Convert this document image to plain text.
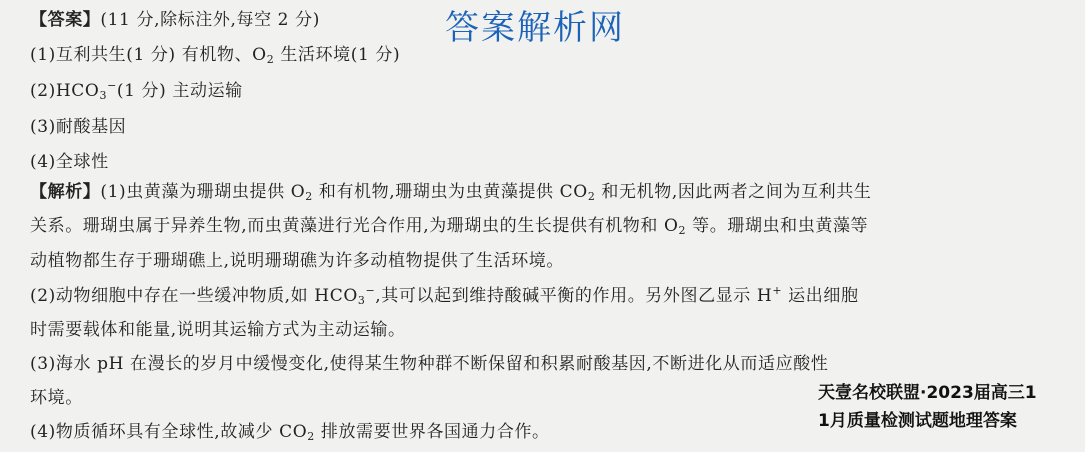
答案解析网
【答案】(11 分,除标注外,每空 2 分)
(1)互利共生(1 分) 有机物、$O_2$ 生活环境(1 分)
$(2)HCO_3^-(1$ 分) 主动运输
(3)耐酸基因
(4)全球性
【解析】(1)虫黄藻为珊瑚虫提供 $O_2$ 和有机物,珊瑚虫为虫黄藻提供 $CO_2$ 和无机物,因此两者之间为互利共生
关系。珊瑚虫属于异养生物,而虫黄藻进行光合作用,为珊瑚虫的生长提供有机物和 $O_2$ 等。珊瑚虫和虫黄藻等
动植物都生存于珊瑚礁上,说明珊瑚礁为许多动植物提供了生活环境。
(2)动物细胞中存在一些缓冲物质,如 $HCO_3^-$,其可以起到维持酸碱平衡的作用。另外图乙显示 H+ 运出细胞
时需要载体和能量,说明其运输方式为主动运输。
(3)海水 pH 在漫长的岁月中缓慢变化,使得某生物种群不断保留和积累耐酸基因,不断进化从而适应酸性
环境。
(4)物质循环具有全球性,故减少 $CO_2$ 排放需要世界各国通力合作。
天壹名校联盟·2023届高三1
1月质量检测试题地理答案
